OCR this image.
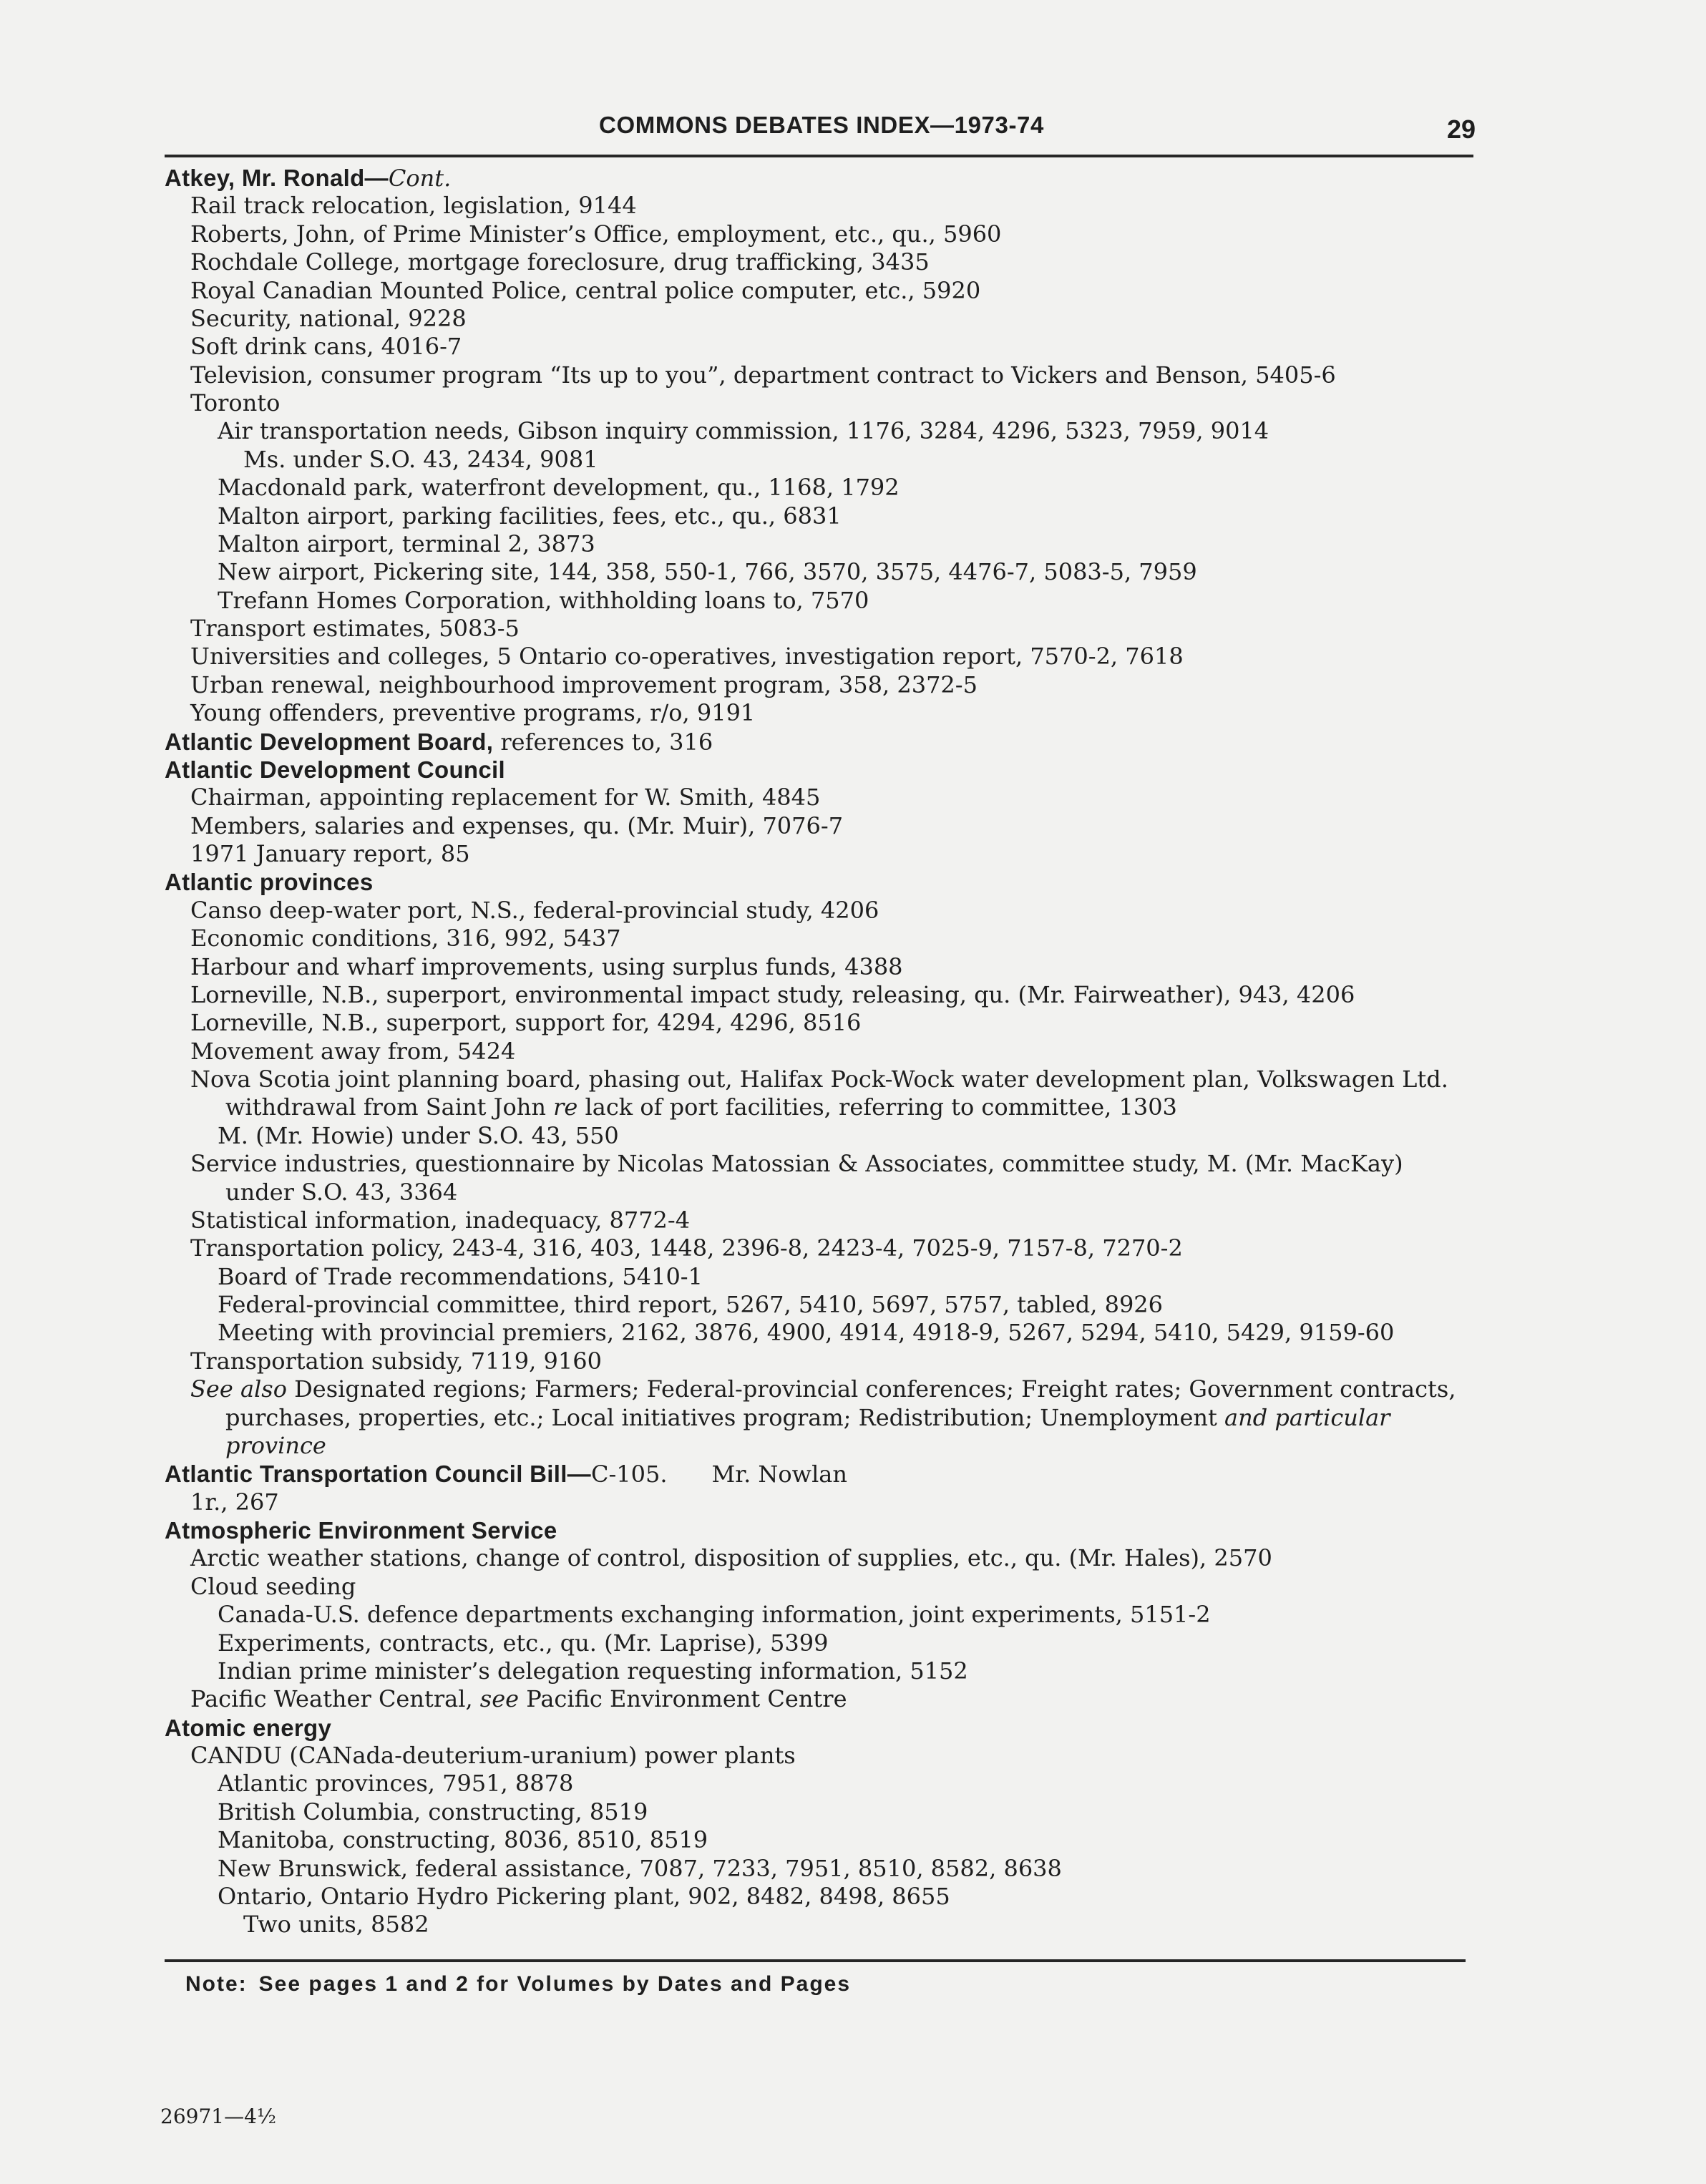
COMMONS DEBATES INDEX—1973-74	29
Atkey, Mr. Ronald—Cont.
Rail track relocation, legislation, 9144
Roberts, John, of Prime Minister’s Office, employment, etc., qu., 5960
Rochdale College, mortgage foreclosure, drug trafficking, 3435
Royal Canadian Mounted Police, central police computer, etc., 5920
Security, national, 9228
Soft drink cans, 4016-7
Television, consumer program “Its up to you”, department contract to Vickers and Benson, 5405-6
Toronto
Air transportation needs, Gibson inquiry commission, 1176, 3284, 4296, 5323, 7959, 9014
Ms. under S.O. 43, 2434, 9081
Macdonald park, waterfront development, qu., 1168, 1792
Malton airport, parking facilities, fees, etc., qu., 6831
Malton airport, terminal 2, 3873
New airport, Pickering site, 144, 358, 550-1, 766, 3570, 3575, 4476-7, 5083-5, 7959
Trefann Homes Corporation, withholding loans to, 7570
Transport estimates, 5083-5
Universities and colleges, 5 Ontario co-operatives, investigation report, 7570-2, 7618
Urban renewal, neighbourhood improvement program, 358, 2372-5
Young offenders, preventive programs, r/o, 9191
Atlantic Development Board, references to, 316
Atlantic Development Council
Chairman, appointing replacement for W. Smith, 4845
Members, salaries and expenses, qu. (Mr. Muir), 7076-7
1971 January report, 85
Atlantic provinces
Canso deep-water port, N.S., federal-provincial study, 4206
Economic conditions, 316, 992, 5437
Harbour and wharf improvements, using surplus funds, 4388
Lorneville, N.B., superport, environmental impact study, releasing, qu. (Mr. Fairweather), 943, 4206
Lorneville, N.B., superport, support for, 4294, 4296, 8516
Movement away from, 5424
Nova Scotia joint planning board, phasing out, Halifax Pock-Wock water development plan, Volkswagen Ltd.
withdrawal from Saint John re lack of port facilities, referring to committee, 1303
M. (Mr. Howie) under S.O. 43, 550
Service industries, questionnaire by Nicolas Matossian & Associates, committee study, M. (Mr. MacKay)
under S.O. 43, 3364
Statistical information, inadequacy, 8772-4
Transportation policy, 243-4, 316, 403, 1448, 2396-8, 2423-4, 7025-9, 7157-8, 7270-2
Board of Trade recommendations, 5410-1
Federal-provincial committee, third report, 5267, 5410, 5697, 5757, tabled, 8926
Meeting with provincial premiers, 2162, 3876, 4900, 4914, 4918-9, 5267, 5294, 5410, 5429, 9159-60
Transportation subsidy, 7119, 9160
See also Designated regions; Farmers; Federal-provincial conferences; Freight rates; Government contracts,
purchases, properties, etc.; Local initiatives program; Redistribution; Unemployment and particular
province
Atlantic Transportation Council Bill—C-105. Mr. Nowlan
1r., 267
Atmospheric Environment Service
Arctic weather stations, change of control, disposition of supplies, etc., qu. (Mr. Hales), 2570
Cloud seeding
Canada-U.S. defence departments exchanging information, joint experiments, 5151-2
Experiments, contracts, etc., qu. (Mr. Laprise), 5399
Indian prime minister’s delegation requesting information, 5152
Pacific Weather Central, see Pacific Environment Centre
Atomic energy
CANDU (CANada-deuterium-uranium) power plants
Atlantic provinces, 7951, 8878
British Columbia, constructing, 8519
Manitoba, constructing, 8036, 8510, 8519
New Brunswick, federal assistance, 7087, 7233, 7951, 8510, 8582, 8638
Ontario, Ontario Hydro Pickering plant, 902, 8482, 8498, 8655
Two units, 8582
Note: See pages 1 and 2 for Volumes by Dates and Pages
26971—4½
